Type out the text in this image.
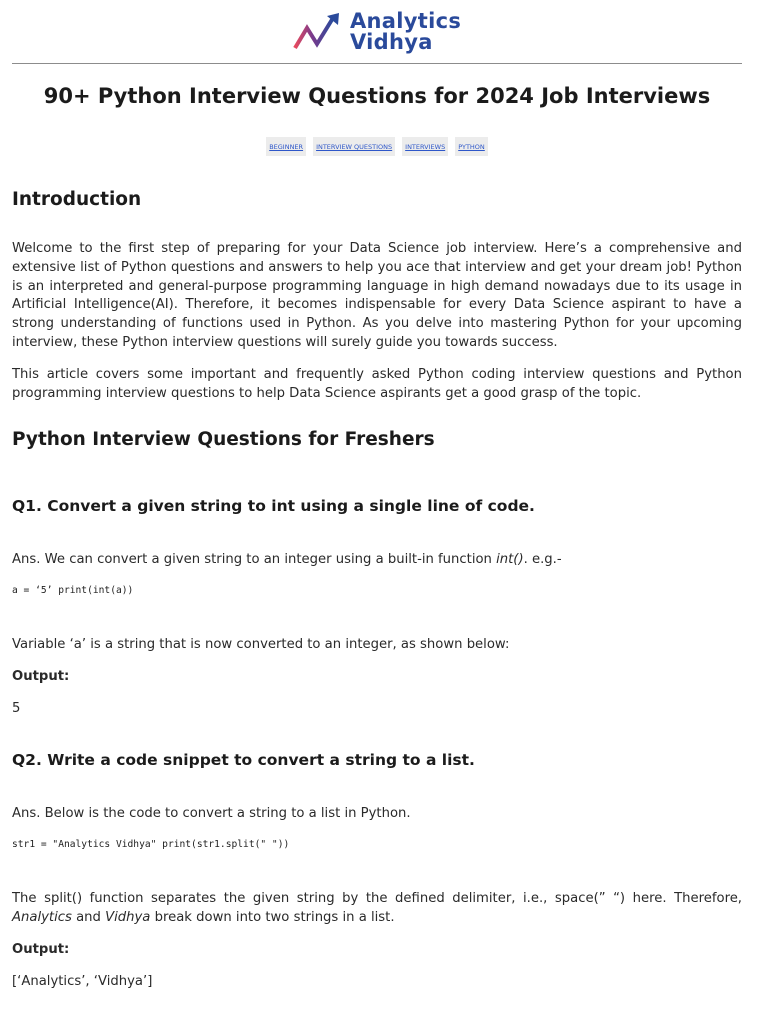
Analytics
Vidhya
90+ Python Interview Questions for 2024 Job Interviews
BEGINNER	INTERVIEW QUESTIONS	INTERVIEWS	PYTHON
Introduction

Welcome to the first step of preparing for your Data Science job interview. Here’s a comprehensive and extensive list of Python questions and answers to help you ace that interview and get your dream job! Python is an interpreted and general-purpose programming language in high demand nowadays due to its usage in Artificial Intelligence(AI). Therefore, it becomes indispensable for every Data Science aspirant to have a strong understanding of functions used in Python. As you delve into mastering Python for your upcoming interview, these Python interview questions will surely guide you towards success.

This article covers some important and frequently asked Python coding interview questions and Python programming interview questions to help Data Science aspirants get a good grasp of the topic.

Python Interview Questions for Freshers
Q1. Convert a given string to int using a single line of code.

Ans. We can convert a given string to an integer using a built-in function int(). e.g.-

a = ‘5’ print(int(a))

Variable ‘a’ is a string that is now converted to an integer, as shown below:

Output:

5

Q2. Write a code snippet to convert a string to a list.

Ans. Below is the code to convert a string to a list in Python.

str1 = "Analytics Vidhya" print(str1.split(" "))

The split() function separates the given string by the defined delimiter, i.e., space(” “) here. Therefore, Analytics and Vidhya break down into two strings in a list.

Output:

[‘Analytics’, ‘Vidhya’]
